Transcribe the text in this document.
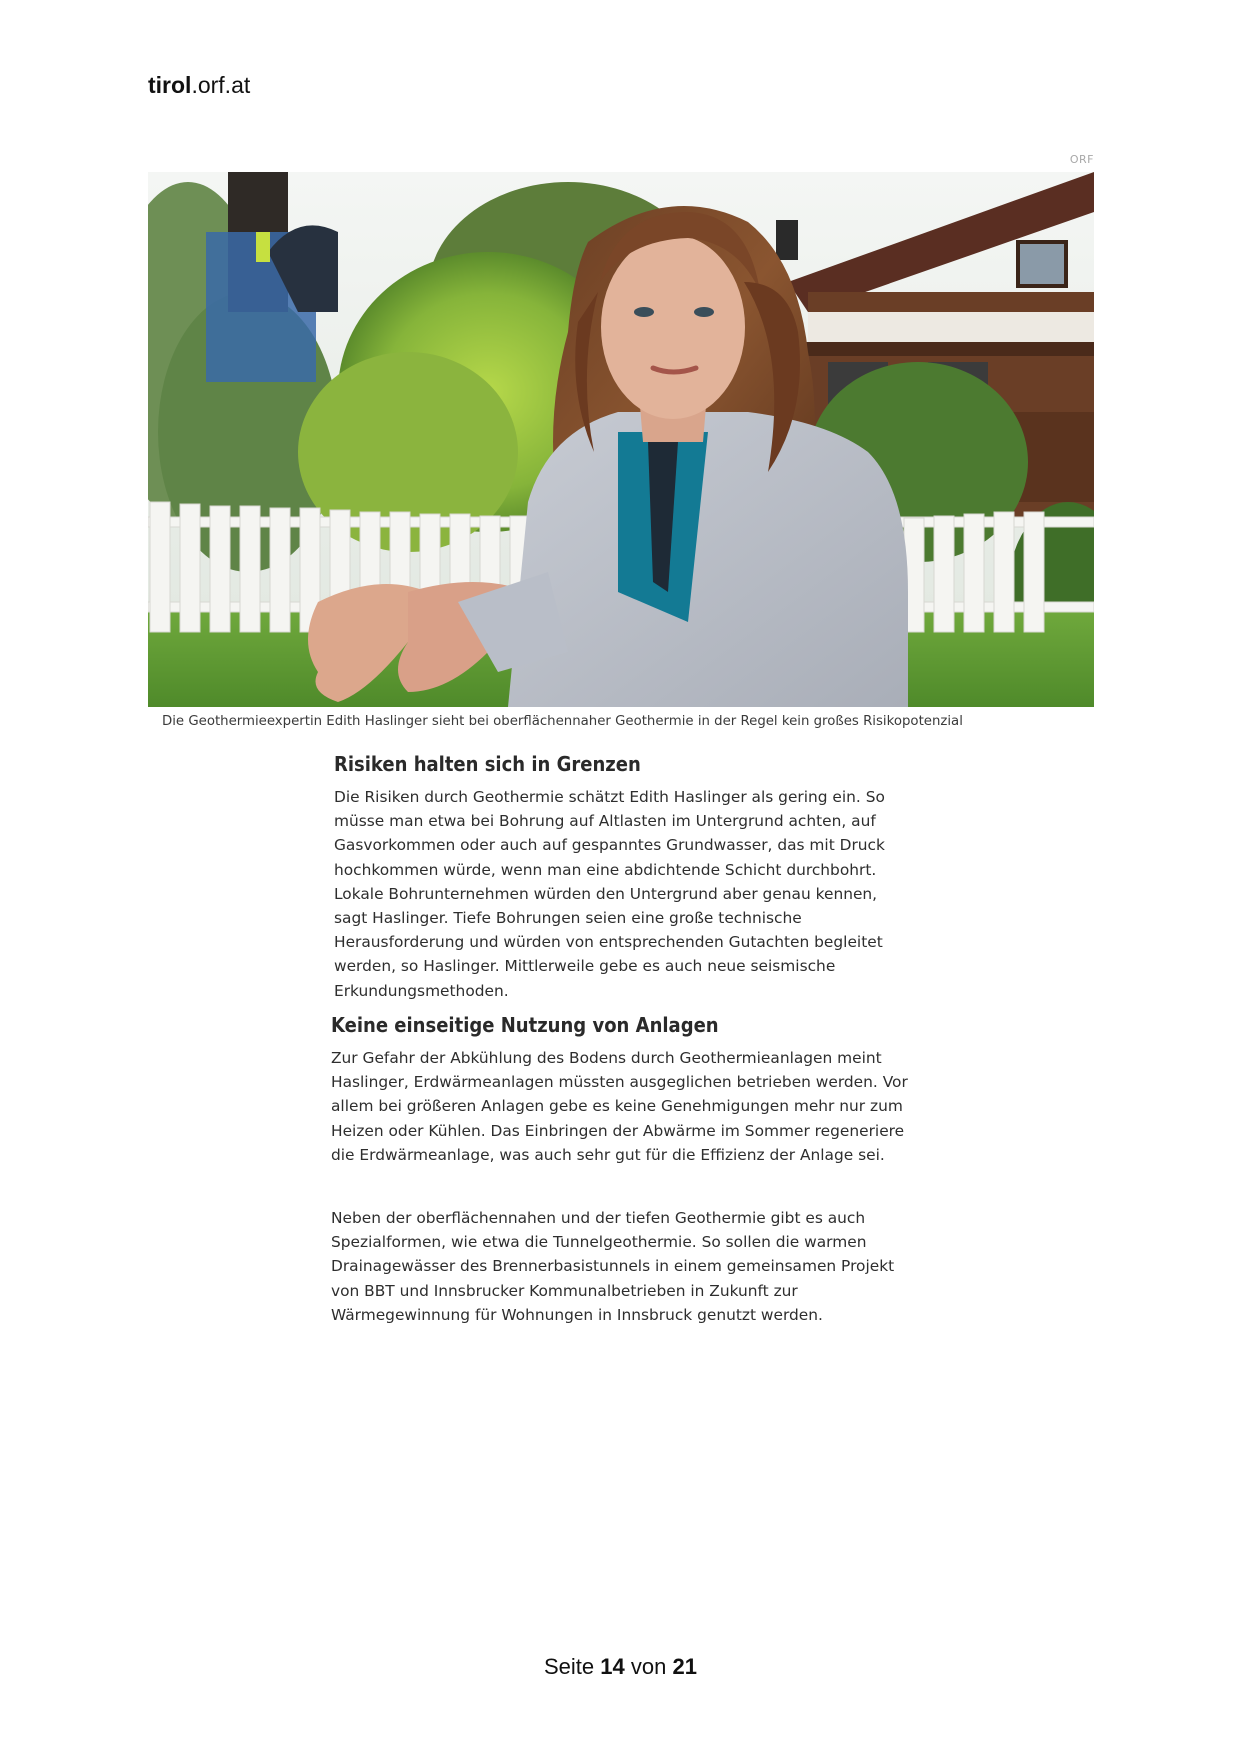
tirol.orf.at
ORF
Die Geothermieexpertin Edith Haslinger sieht bei oberflächennaher Geothermie in der Regel kein großes Risikopotenzial
Risiken halten sich in Grenzen

Die Risiken durch Geothermie schätzt Edith Haslinger als gering ein. So müsse man etwa bei Bohrung auf Altlasten im Untergrund achten, auf Gasvorkommen oder auch auf gespanntes Grundwasser, das mit Druck hochkommen würde, wenn man eine abdichtende Schicht durchbohrt. Lokale Bohrunternehmen würden den Untergrund aber genau kennen, sagt Haslinger. Tiefe Bohrungen seien eine große technische Herausforderung und würden von entsprechenden Gutachten begleitet werden, so Haslinger. Mittlerweile gebe es auch neue seismische Erkundungsmethoden.

Keine einseitige Nutzung von Anlagen

Zur Gefahr der Abkühlung des Bodens durch Geothermieanlagen meint Haslinger, Erdwärmeanlagen müssten ausgeglichen betrieben werden. Vor allem bei größeren Anlagen gebe es keine Genehmigungen mehr nur zum Heizen oder Kühlen. Das Einbringen der Abwärme im Sommer regeneriere die Erdwärmeanlage, was auch sehr gut für die Effizienz der Anlage sei.

Neben der oberflächennahen und der tiefen Geothermie gibt es auch Spezialformen, wie etwa die Tunnelgeothermie. So sollen die warmen Drainagewässer des Brennerbasistunnels in einem gemeinsamen Projekt von BBT und Innsbrucker Kommunalbetrieben in Zukunft zur Wärmegewinnung für Wohnungen in Innsbruck genutzt werden.

Seite 14 von 21
